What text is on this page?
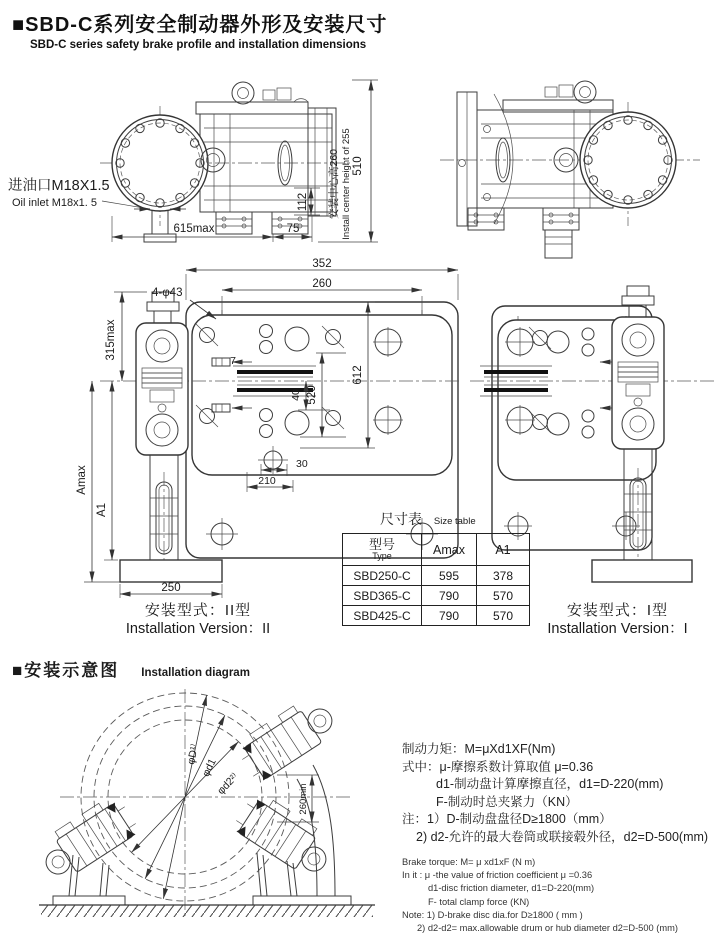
■SBD-C系列安全制动器外形及安装尺寸
SBD-C series safety brake profile and installation dimensions
进油口M18X1.5
Oil inlet M18x1. 5
615max	75
112 安装中心高260 Install center height of 255 510
352
260
4-φ43
315max
7
Amax
A1
250
520
612
40
30
210
尺寸表 Size table
型号
Type	Amax	A1
SBD250-C	595	378
SBD365-C	790	570
SBD425-C	790	570
安装型式：II型
Installation Version：II
安装型式：I型
Installation Version：I
■安装示意图 Installation diagram
φD¹⁾
φd1
φd2²⁾	260min
制动力矩：M=μXd1XF(Nm)
式中：μ-摩擦系数计算取值 μ=0.36
d1-制动盘计算摩擦直径，d1=D-220(mm)
F-制动时总夹紧力（KN）
注：1）D-制动盘盘径D≥1800（mm）
2) d2-允许的最大卷筒或联接毂外径，d2=D-500(mm)
Brake torque: M= μ xd1xF (N m)
In it : μ -the value of friction coefficient μ =0.36
d1-disc friction diameter, d1=D-220(mm)
F- total clamp force (KN)
Note: 1) D-brake disc dia.for D≥1800 ( mm )
2) d2-d2= max.allowable drum or hub diameter d2=D-500 (mm)
